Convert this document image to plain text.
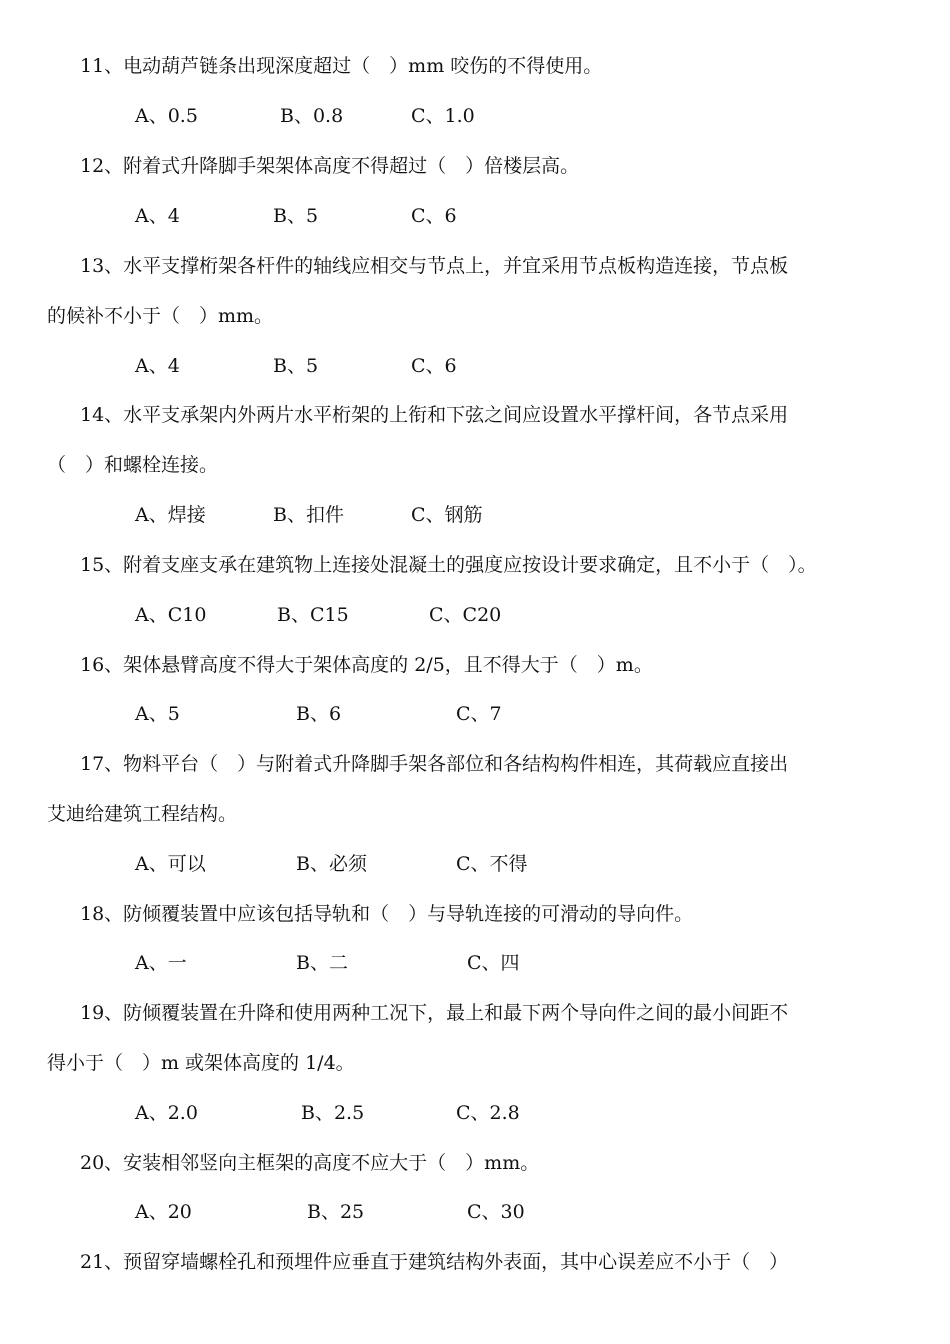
11、电动葫芦链条出现深度超过（　）mm 咬伤的不得使用。
A、0.5	B、0.8	C、1.0
12、附着式升降脚手架架体高度不得超过（　）倍楼层高。
A、4	B、5	C、6
13、水平支撑桁架各杆件的轴线应相交与节点上，并宜采用节点板构造连接，节点板
的候补不小于（　）mm。
A、4	B、5	C、6
14、水平支承架内外两片水平桁架的上衔和下弦之间应设置水平撑杆间，各节点采用
（　）和螺栓连接。
A、焊接	B、扣件	C、钢筋
15、附着支座支承在建筑物上连接处混凝土的强度应按设计要求确定，且不小于（　）。
A、C10	B、C15	C、C20
16、架体悬臂高度不得大于架体高度的 2/5，且不得大于（　）m。
A、5	B、6	C、7
17、物料平台（　）与附着式升降脚手架各部位和各结构构件相连，其荷载应直接出
艾迪给建筑工程结构。
A、可以	B、必须	C、不得
18、防倾覆装置中应该包括导轨和（　）与导轨连接的可滑动的导向件。
A、一	B、二	C、四
19、防倾覆装置在升降和使用两种工况下，最上和最下两个导向件之间的最小间距不
得小于（　）m 或架体高度的 1/4。
A、2.0	B、2.5	C、2.8
20、安装相邻竖向主框架的高度不应大于（　）mm。
A、20	B、25	C、30
21、预留穿墙螺栓孔和预埋件应垂直于建筑结构外表面，其中心误差应不小于（　）
